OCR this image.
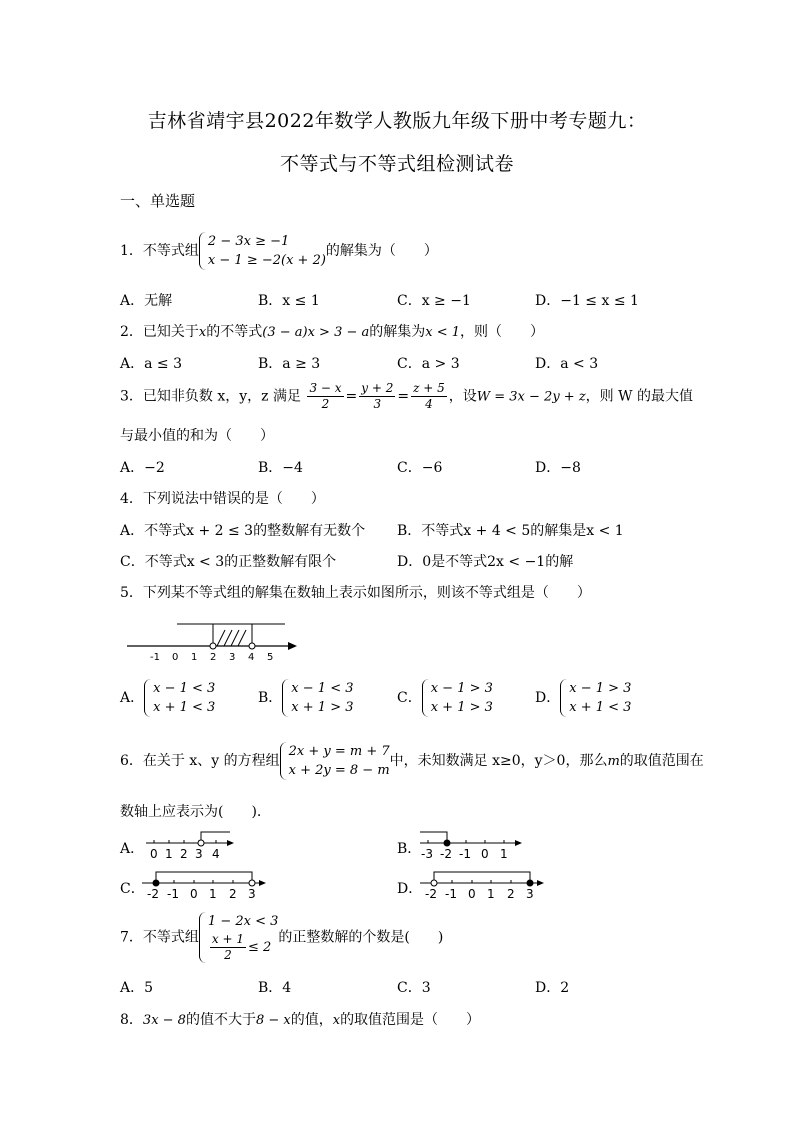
吉林省靖宇县2022年数学人教版九年级下册中考专题九：
不等式与不等式组检测试卷
一、单选题
1．不等式组
2 − 3x ≥ −1
x − 1 ≥ −2(x + 2)
的解集为（　　）
A．无解	B．x ≤ 1	C．x ≥ −1	D．−1 ≤ x ≤ 1
2．已知关于x的不等式(3 − a)x > 3 − a的解集为x < 1，则（　　）
A．a ≤ 3	B．a ≥ 3	C．a > 3	D．a < 3
3．已知非负数 x，y，z 满足 $\frac{3 - x}{2} = \frac{y + 2}{3} = \frac{z + 5}{4}$ ，设W = 3x − 2y + z，则 W 的最大值
与最小值的和为（　　）
A．−2	B．−4	C．−6	D．−8
4．下列说法中错误的是（　　）
A．不等式x + 2 ≤ 3的整数解有无数个 B．不等式x + 4 < 5的解集是x < 1
C．不等式x < 3的正整数解有限个	D．0是不等式2x < −1的解
5．下列某不等式组的解集在数轴上表示如图所示，则该不等式组是（　　）
-1 0 1 2 3 4 5
A．
x − 1 < 3
x + 1 < 3
B．
x − 1 < 3
x + 1 > 3
C．
x − 1 > 3
x + 1 > 3
D．
x − 1 > 3
x + 1 < 3
6．在关于 x、y 的方程组
2x + y = m + 7
x + 2y = 8 − m
中，未知数满足 x≥0，y＞0，那么m的取值范围在
数轴上应表示为(　　).
A． 0 1 2 3 4	B． -3 -2 -1 0 1
C． -2 -1 0 1 2 3	D． -2 -1 0 1 2 3
7．不等式组
1 − 2x < 3
$\frac{x + 1}{2} \le 2$
的正整数解的个数是(　　)
A．5	B．4	C．3	D．2
8．3x − 8的值不大于8 − x的值，x的取值范围是（　　）
